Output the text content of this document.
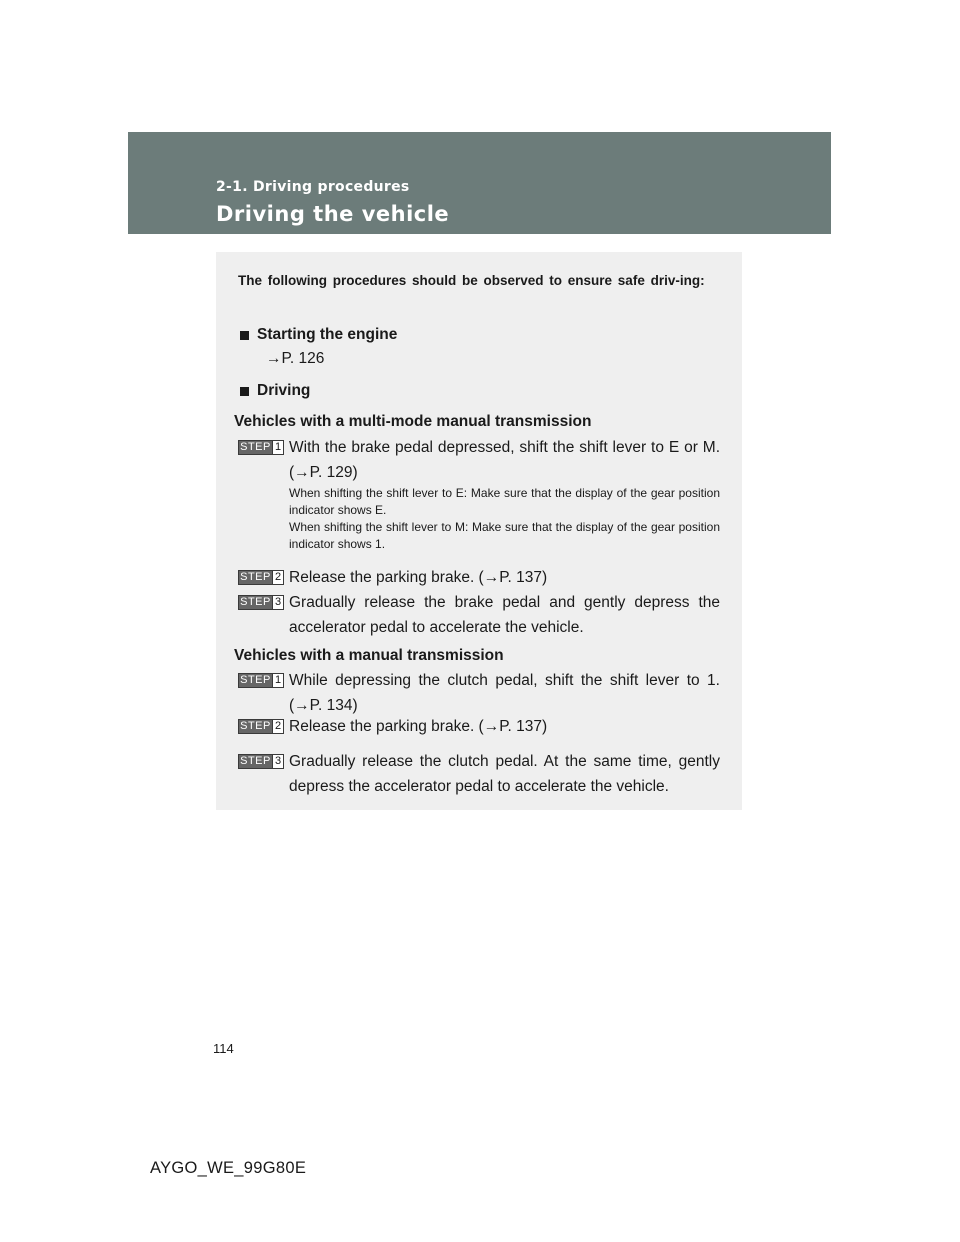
2-1. Driving procedures
Driving the vehicle
The following procedures should be observed to ensure safe driv-ing:
Starting the engine
→P. 126
Driving
Vehicles with a multi-mode manual transmission
STEP 1 With the brake pedal depressed, shift the shift lever to E or M. (→P. 129)
When shifting the shift lever to E: Make sure that the display of the gear position indicator shows E.
When shifting the shift lever to M: Make sure that the display of the gear position indicator shows 1.
STEP 2 Release the parking brake. (→P. 137)
STEP 3 Gradually release the brake pedal and gently depress the accelerator pedal to accelerate the vehicle.
Vehicles with a manual transmission
STEP 1 While depressing the clutch pedal, shift the shift lever to 1. (→P. 134)
STEP 2 Release the parking brake. (→P. 137)
STEP 3 Gradually release the clutch pedal. At the same time, gently depress the accelerator pedal to accelerate the vehicle.
114
AYGO_WE_99G80E
